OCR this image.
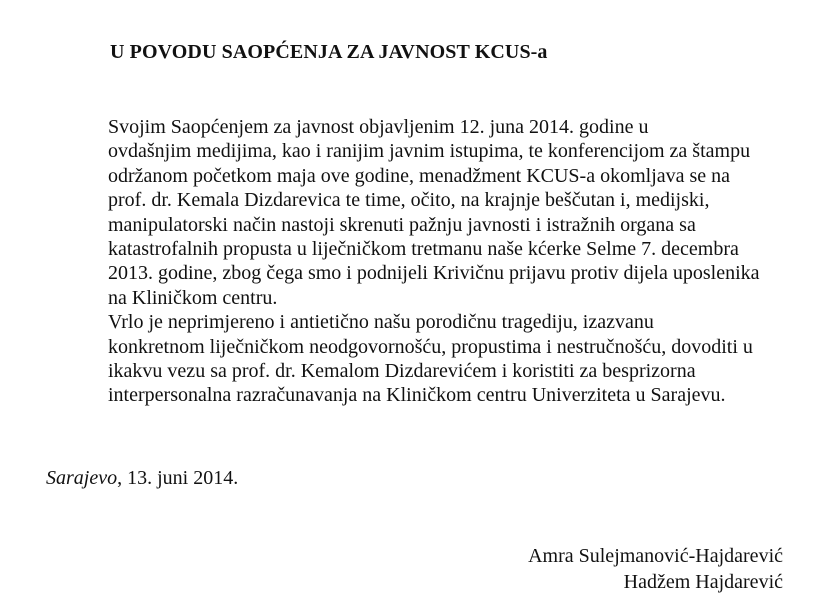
U POVODU SAOPĆENJA ZA JAVNOST KCUS-a

Svojim Saopćenjem za javnost objavljenim 12. juna 2014. godine u
ovdašnjim medijima, kao i ranijim javnim istupima, te konferencijom za štampu
održanom početkom maja ove godine, menadžment KCUS-a okomljava se na
prof. dr. Kemala Dizdarevica te time, očito, na krajnje beščutan i, medijski,
manipulatorski način nastoji skrenuti pažnju javnosti i istražnih organa sa
katastrofalnih propusta u liječničkom tretmanu naše kćerke Selme 7. decembra
2013. godine, zbog čega smo i podnijeli Krivičnu prijavu protiv dijela uposlenika
na Kliničkom centru.

Vrlo je neprimjereno i antietično našu porodičnu tragediju, izazvanu
konkretnom liječničkom neodgovornošću, propustima i nestručnošću, dovoditi u
ikakvu vezu sa prof. dr. Kemalom Dizdarevićem i koristiti za besprizorna
interpersonalna razračunavanja na Kliničkom centru Univerziteta u Sarajevu.

Sarajevo, 13. juni 2014.
Amra Sulejmanović-Hajdarević
Hadžem Hajdarević
